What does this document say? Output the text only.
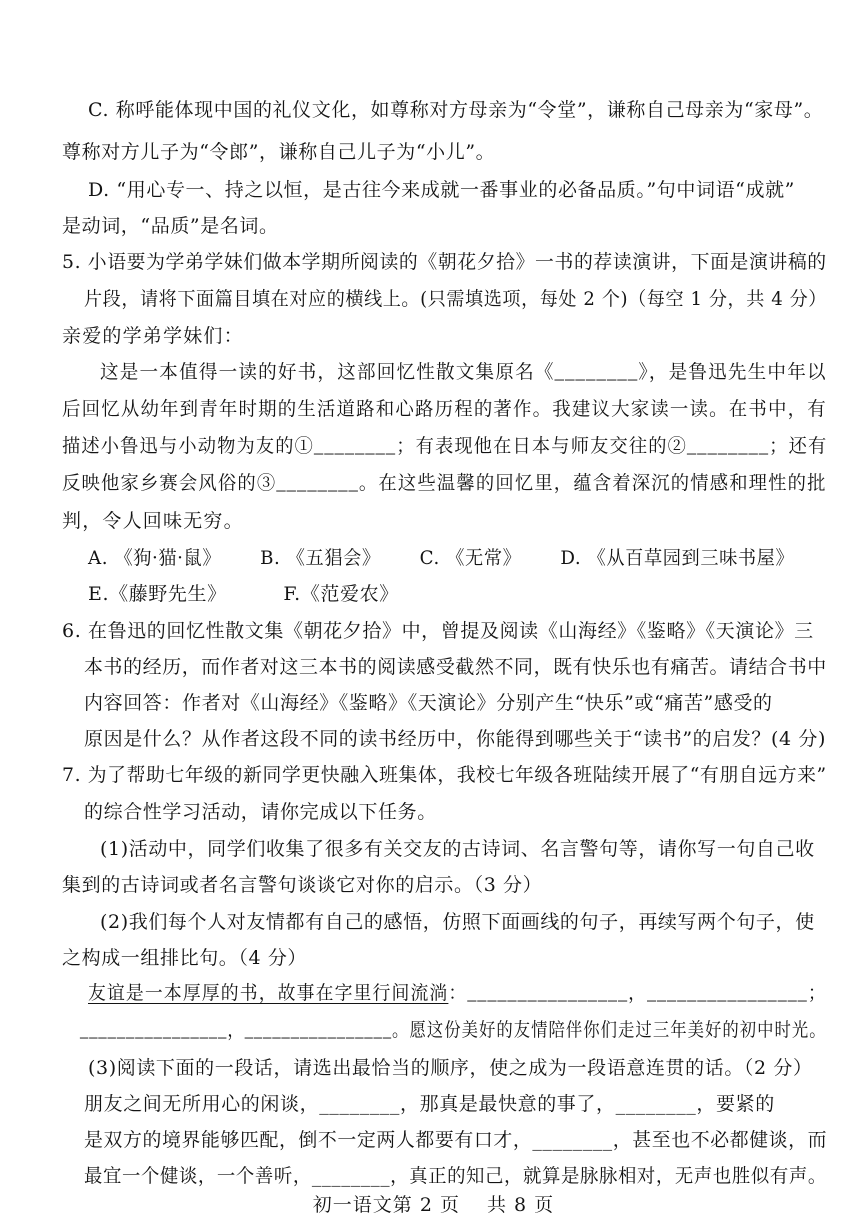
C. 称呼能体现中国的礼仪文化，如尊称对方母亲为“令堂”，谦称自己母亲为“家母”。
尊称对方儿子为“令郎”，谦称自己儿子为“小儿”。
D. “用心专一、持之以恒，是古往今来成就一番事业的必备品质。”句中词语“成就”
是动词，“品质”是名词。
5. 小语要为学弟学妹们做本学期所阅读的《朝花夕拾》一书的荐读演讲，下面是演讲稿的
片段，请将下面篇目填在对应的横线上。(只需填选项，每处 2 个)（每空 1 分，共 4 分）
亲爱的学弟学妹们：
这是一本值得一读的好书，这部回忆性散文集原名《________》，是鲁迅先生中年以
后回忆从幼年到青年时期的生活道路和心路历程的著作。我建议大家读一读。在书中，有
描述小鲁迅与小动物为友的①________；有表现他在日本与师友交往的②________；还有
反映他家乡赛会风俗的③________。在这些温馨的回忆里，蕴含着深沉的情感和理性的批
判，令人回味无穷。
A. 《狗·猫·鼠》 B. 《五猖会》 C. 《无常》 D. 《从百草园到三味书屋》
E.《藤野先生》	F.《范爱农》
6. 在鲁迅的回忆性散文集《朝花夕拾》中，曾提及阅读《山海经》《鉴略》《天演论》三
本书的经历，而作者对这三本书的阅读感受截然不同，既有快乐也有痛苦。请结合书中
内容回答：作者对《山海经》《鉴略》《天演论》分别产生“快乐”或“痛苦”感受的
原因是什么？从作者这段不同的读书经历中，你能得到哪些关于“读书”的启发？(4 分)
7. 为了帮助七年级的新同学更快融入班集体，我校七年级各班陆续开展了“有朋自远方来”
的综合性学习活动，请你完成以下任务。
(1)活动中，同学们收集了很多有关交友的古诗词、名言警句等，请你写一句自己收
集到的古诗词或者名言警句谈谈它对你的启示。（3 分）
(2)我们每个人对友情都有自己的感悟，仿照下面画线的句子，再续写两个句子，使
之构成一组排比句。（4 分）
友谊是一本厚厚的书，故事在字里行间流淌：________________，________________；
________________，________________。愿这份美好的友情陪伴你们走过三年美好的初中时光。
(3)阅读下面的一段话，请选出最恰当的顺序，使之成为一段语意连贯的话。（2 分）
朋友之间无所用心的闲谈，________，那真是最快意的事了，________，要紧的
是双方的境界能够匹配，倒不一定两人都要有口才，________，甚至也不必都健谈，而
最宜一个健谈，一个善听，________，真正的知己，就算是脉脉相对，无声也胜似有声。
初一语文第 2 页 共 8 页
